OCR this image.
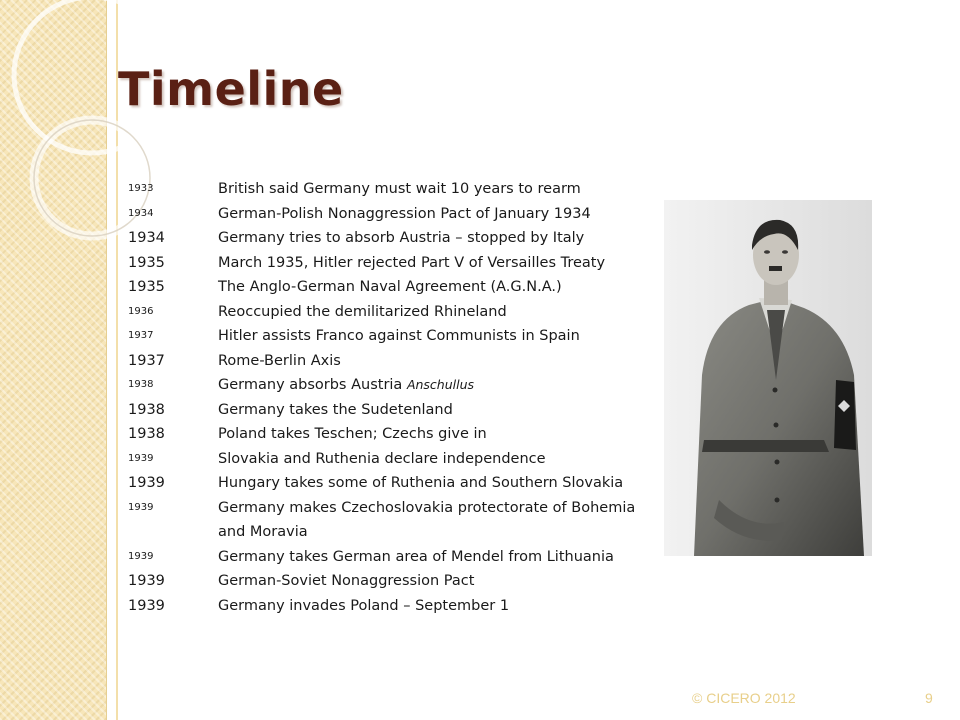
Timeline
1933	British said Germany must wait 10 years to rearm
1934	German-Polish Nonaggression Pact of January 1934
1934	Germany tries to absorb Austria – stopped by Italy
1935	March 1935, Hitler rejected Part V of Versailles Treaty
1935	The Anglo-German Naval Agreement (A.G.N.A.)
1936	Reoccupied the demilitarized Rhineland
1937	Hitler assists Franco against Communists in Spain
1937	Rome-Berlin Axis
1938	Germany absorbs Austria Anschullus
1938	Germany takes the Sudetenland
1938	Poland takes Teschen; Czechs give in
1939	Slovakia and Ruthenia declare independence
1939	Hungary takes some of Ruthenia and Southern Slovakia
1939	Germany makes Czechoslovakia protectorate of Bohemia and Moravia
1939	Germany takes German area of Mendel from Lithuania
1939	German-Soviet Nonaggression Pact
1939	Germany invades Poland – September 1
© CICERO 2012	9
